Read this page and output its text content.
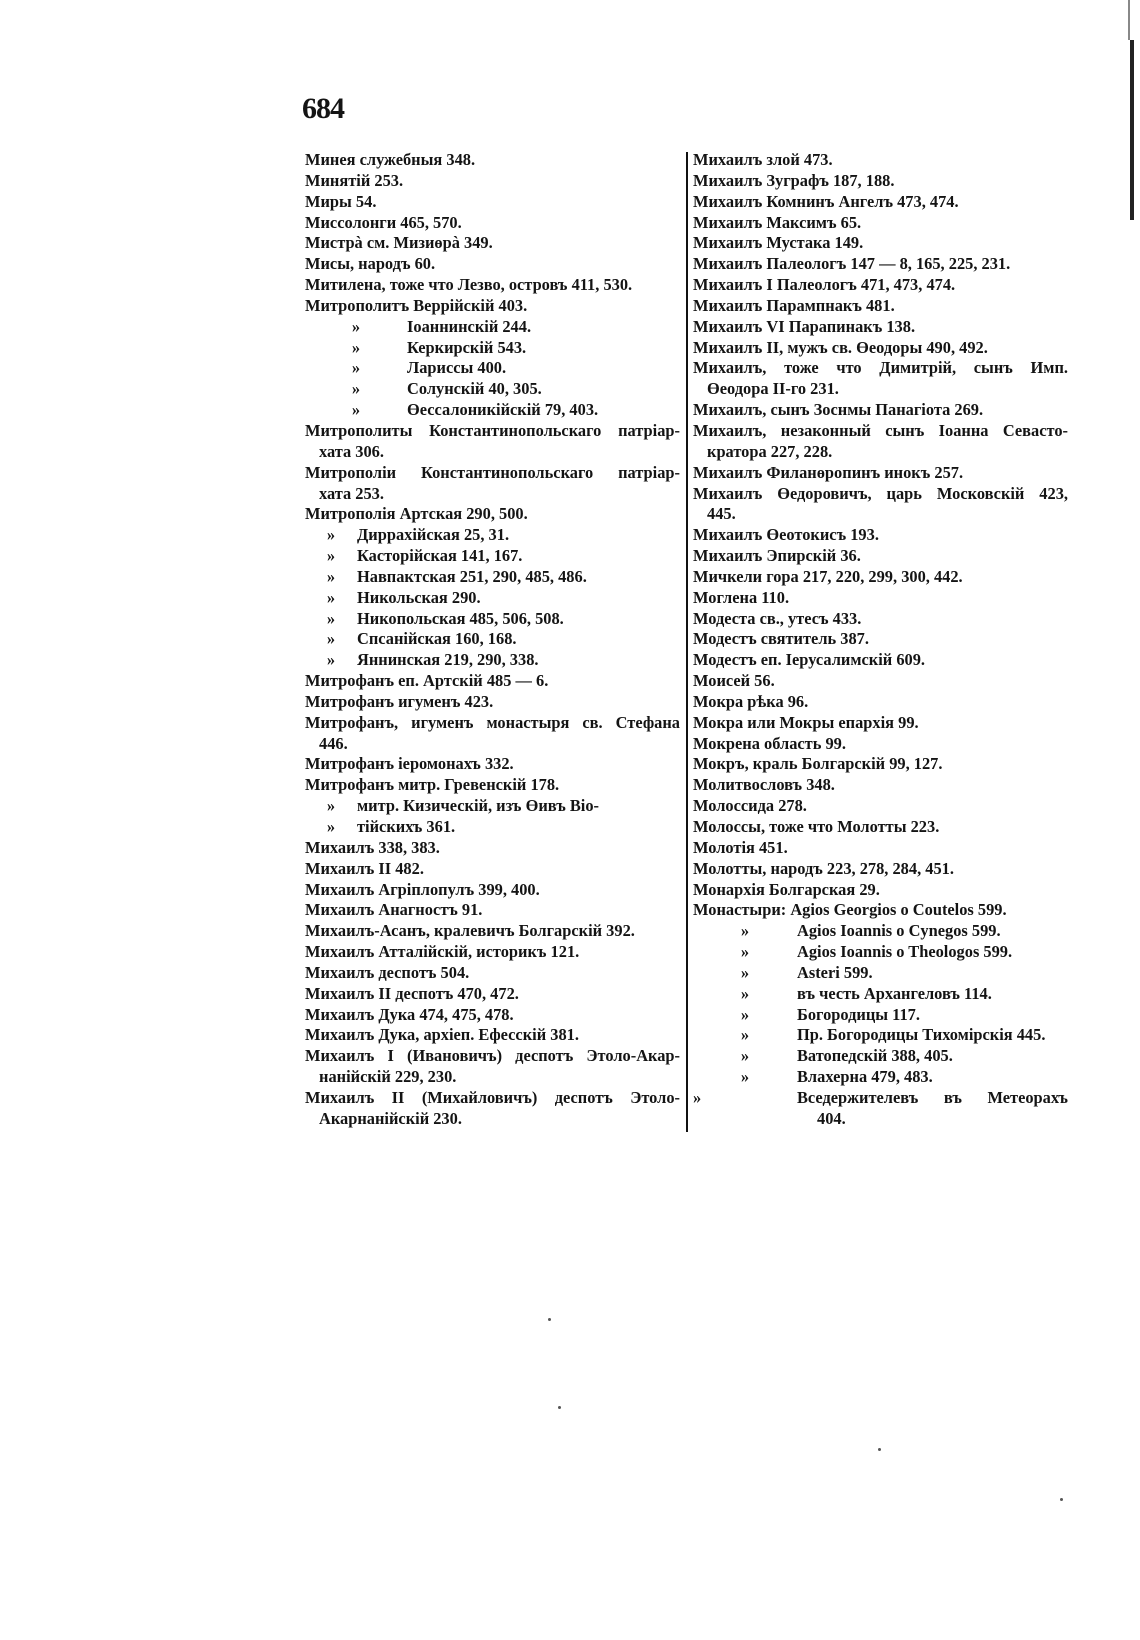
684
Минея служебныя 348.
Минятій 253.
Миры 54.
Миссолонги 465, 570.
Мистрà см. Мизиөрà 349.
Мисы, народъ 60.
Митилена, тоже что Лезво, островъ 411, 530.
Митрополитъ Веррійскій 403.
»	Іоаннинскій 244.
»	Керкирскій 543.
»	Ларисcы 400.
»	Солунскій 40, 305.
»	Өессалоникійскій 79, 403.
Митрополиты Константинопольскаго патріар-
хата 306.
Митрополіи Константинопольскаго патріар-
хата 253.
Митрополія Артская 290, 500.
» Диррахійская 25, 31.
» Касторійская 141, 167.
» Навпактская 251, 290, 485, 486.
» Никольская 290.
» Никопольская 485, 506, 508.
» Спсанійская 160, 168.
» Яннинская 219, 290, 338.
Митрофанъ еп. Артскій 485 — 6.
Митрофанъ игуменъ 423.
Митрофанъ, игуменъ монастыря св. Стефана
446.
Митрофанъ іеромонахъ 332.
Митрофанъ митр. Гревенскій 178.
» митр. Кизическій, изъ Өивъ Віо-
» тійскихъ 361.
Михаилъ 338, 383.
Михаилъ II 482.
Михаилъ Агріплопулъ 399, 400.
Михаилъ Анагностъ 91.
Михаилъ-Асанъ, кралевичъ Болгарскій 392.
Михаилъ Атталійскій, историкъ 121.
Михаилъ деспотъ 504.
Михаилъ II деспотъ 470, 472.
Михаилъ Дука 474, 475, 478.
Михаилъ Дука, архіеп. Ефесскій 381.
Михаилъ I (Ивановичъ) деспотъ Этоло-Акар-
нанійскій 229, 230.
Михаилъ II (Михайловичъ) деспотъ Этоло-
Акарнанійскій 230.
Михаилъ злой 473.
Михаилъ Зуграфъ 187, 188.
Михаилъ Комнинъ Ангелъ 473, 474.
Михаилъ Максимъ 65.
Михаилъ Мустака 149.
Михаилъ Палеологъ 147 — 8, 165, 225, 231.
Михаилъ I Палеологъ 471, 473, 474.
Михаилъ Парампнакъ 481.
Михаилъ VI Парапинакъ 138.
Михаилъ II, мужъ св. Өеодоры 490, 492.
Михаилъ, тоже что Димитрій, сынъ Имп.
Өеодора II-го 231.
Михаилъ, сынъ Зоснмы Панагіота 269.
Михаилъ, незаконный сынъ Іоанна Севасто-
кратора 227, 228.
Михаилъ Филанөропинъ инокъ 257.
Михаилъ Өедоровичъ, царь Московскій 423,
445.
Михаилъ Өеотокисъ 193.
Михаилъ Эпирскій 36.
Мичкели гора 217, 220, 299, 300, 442.
Моглена 110.
Модеста св., утесъ 433.
Модестъ святитель 387.
Модестъ еп. Іерусалимскій 609.
Моисей 56.
Мокра рѣка 96.
Мокра или Мокры епархія 99.
Мокрена область 99.
Мокръ, краль Болгарскій 99, 127.
Молитвословъ 348.
Молоссида 278.
Молоссы, тоже что Молотты 223.
Молотія 451.
Молотты, народъ 223, 278, 284, 451.
Монархія Болгарская 29.
Монастыри: Agios Georgios o Coutelos 599.
»	Agios Ioannis o Cynegos 599.
»	Agios Ioannis o Theologos 599.
»	Asteri 599.
»	въ честь Архангеловъ 114.
»	Богородицы 117.
»	Пр. Богородицы Тихомірскія 445.
»	Ватопедскій 388, 405.
»	Влахерна 479, 483.
»	Вседержителевъ въ Метеорахъ
404.
